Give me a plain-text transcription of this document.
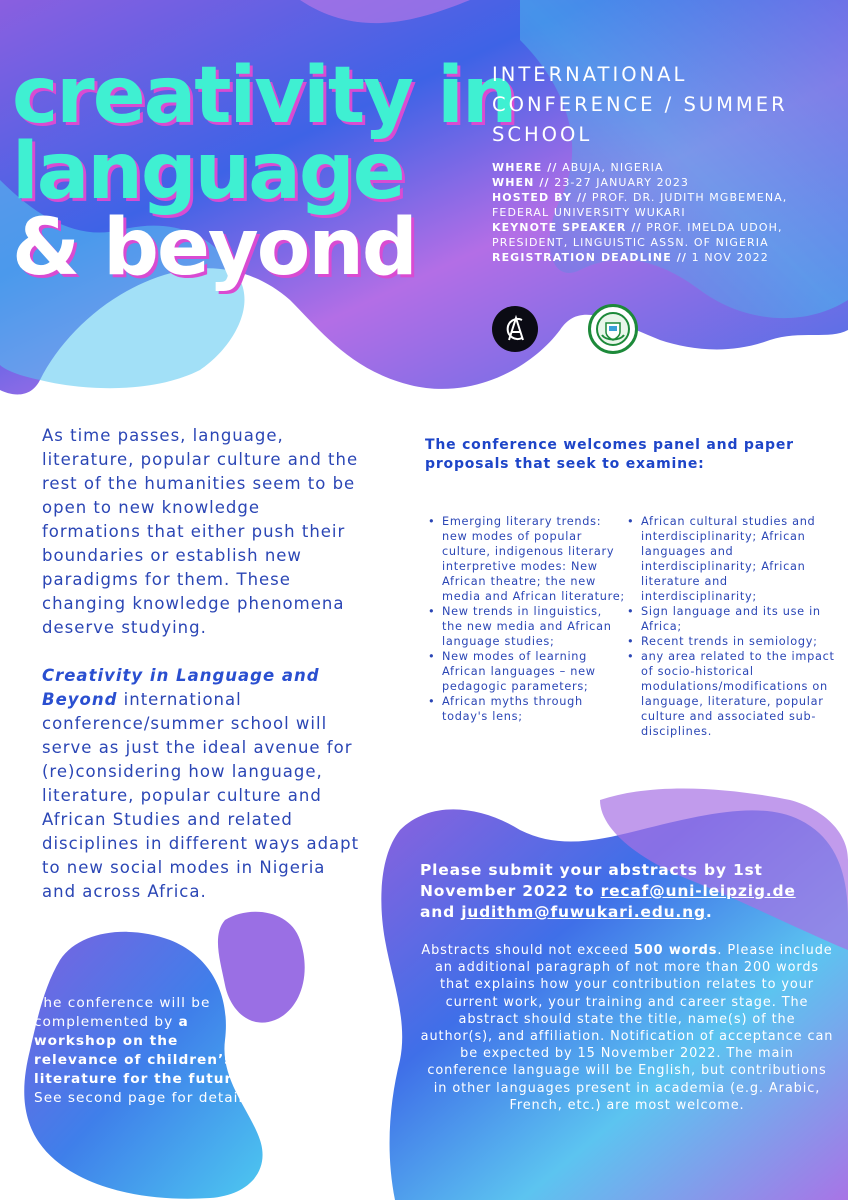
creativity in
language
& beyond
INTERNATIONAL
CONFERENCE / SUMMER
SCHOOL
WHERE // ABUJA, NIGERIA
WHEN // 23-27 JANUARY 2023
HOSTED BY // PROF. DR. JUDITH MGBEMENA, FEDERAL UNIVERSITY WUKARI
KEYNOTE SPEAKER // PROF. IMELDA UDOH, PRESIDENT, LINGUISTIC ASSN. OF NIGERIA
REGISTRATION DEADLINE // 1 NOV 2022

As time passes, language, literature, popular culture and the rest of the humanities seem to be open to new knowledge formations that either push their boundaries or establish new paradigms for them. These changing knowledge phenomena deserve studying.

Creativity in Language and Beyond international conference/summer school will serve as just the ideal avenue for (re)considering how language, literature, popular culture and African Studies and related disciplines in different ways adapt to new social modes in Nigeria and across Africa.

The conference welcomes panel and paper proposals that seek to examine:
• Emerging literary trends: new modes of popular culture, indigenous literary interpretive modes: New African theatre; the new media and African literature;
• New trends in linguistics, the new media and African language studies;
• New modes of learning African languages – new pedagogic parameters;
• African myths through today's lens;
• African cultural studies and interdisciplinarity; African languages and interdisciplinarity; African literature and interdisciplinarity;
• Sign language and its use in Africa;
• Recent trends in semiology;
• any area related to the impact of socio-historical modulations/modifications on language, literature, popular culture and associated sub-disciplines.
The conference will be complemented by a workshop on the relevance of children’s literature for the future. See second page for details.
Please submit your abstracts by 1st November 2022 to recaf@uni-leipzig.de and judithm@fuwukari.edu.ng.
Abstracts should not exceed 500 words. Please include an additional paragraph of not more than 200 words that explains how your contribution relates to your current work, your training and career stage. The abstract should state the title, name(s) of the author(s), and affiliation. Notification of acceptance can be expected by 15 November 2022. The main conference language will be English, but contributions in other languages present in academia (e.g. Arabic, French, etc.) are most welcome.
